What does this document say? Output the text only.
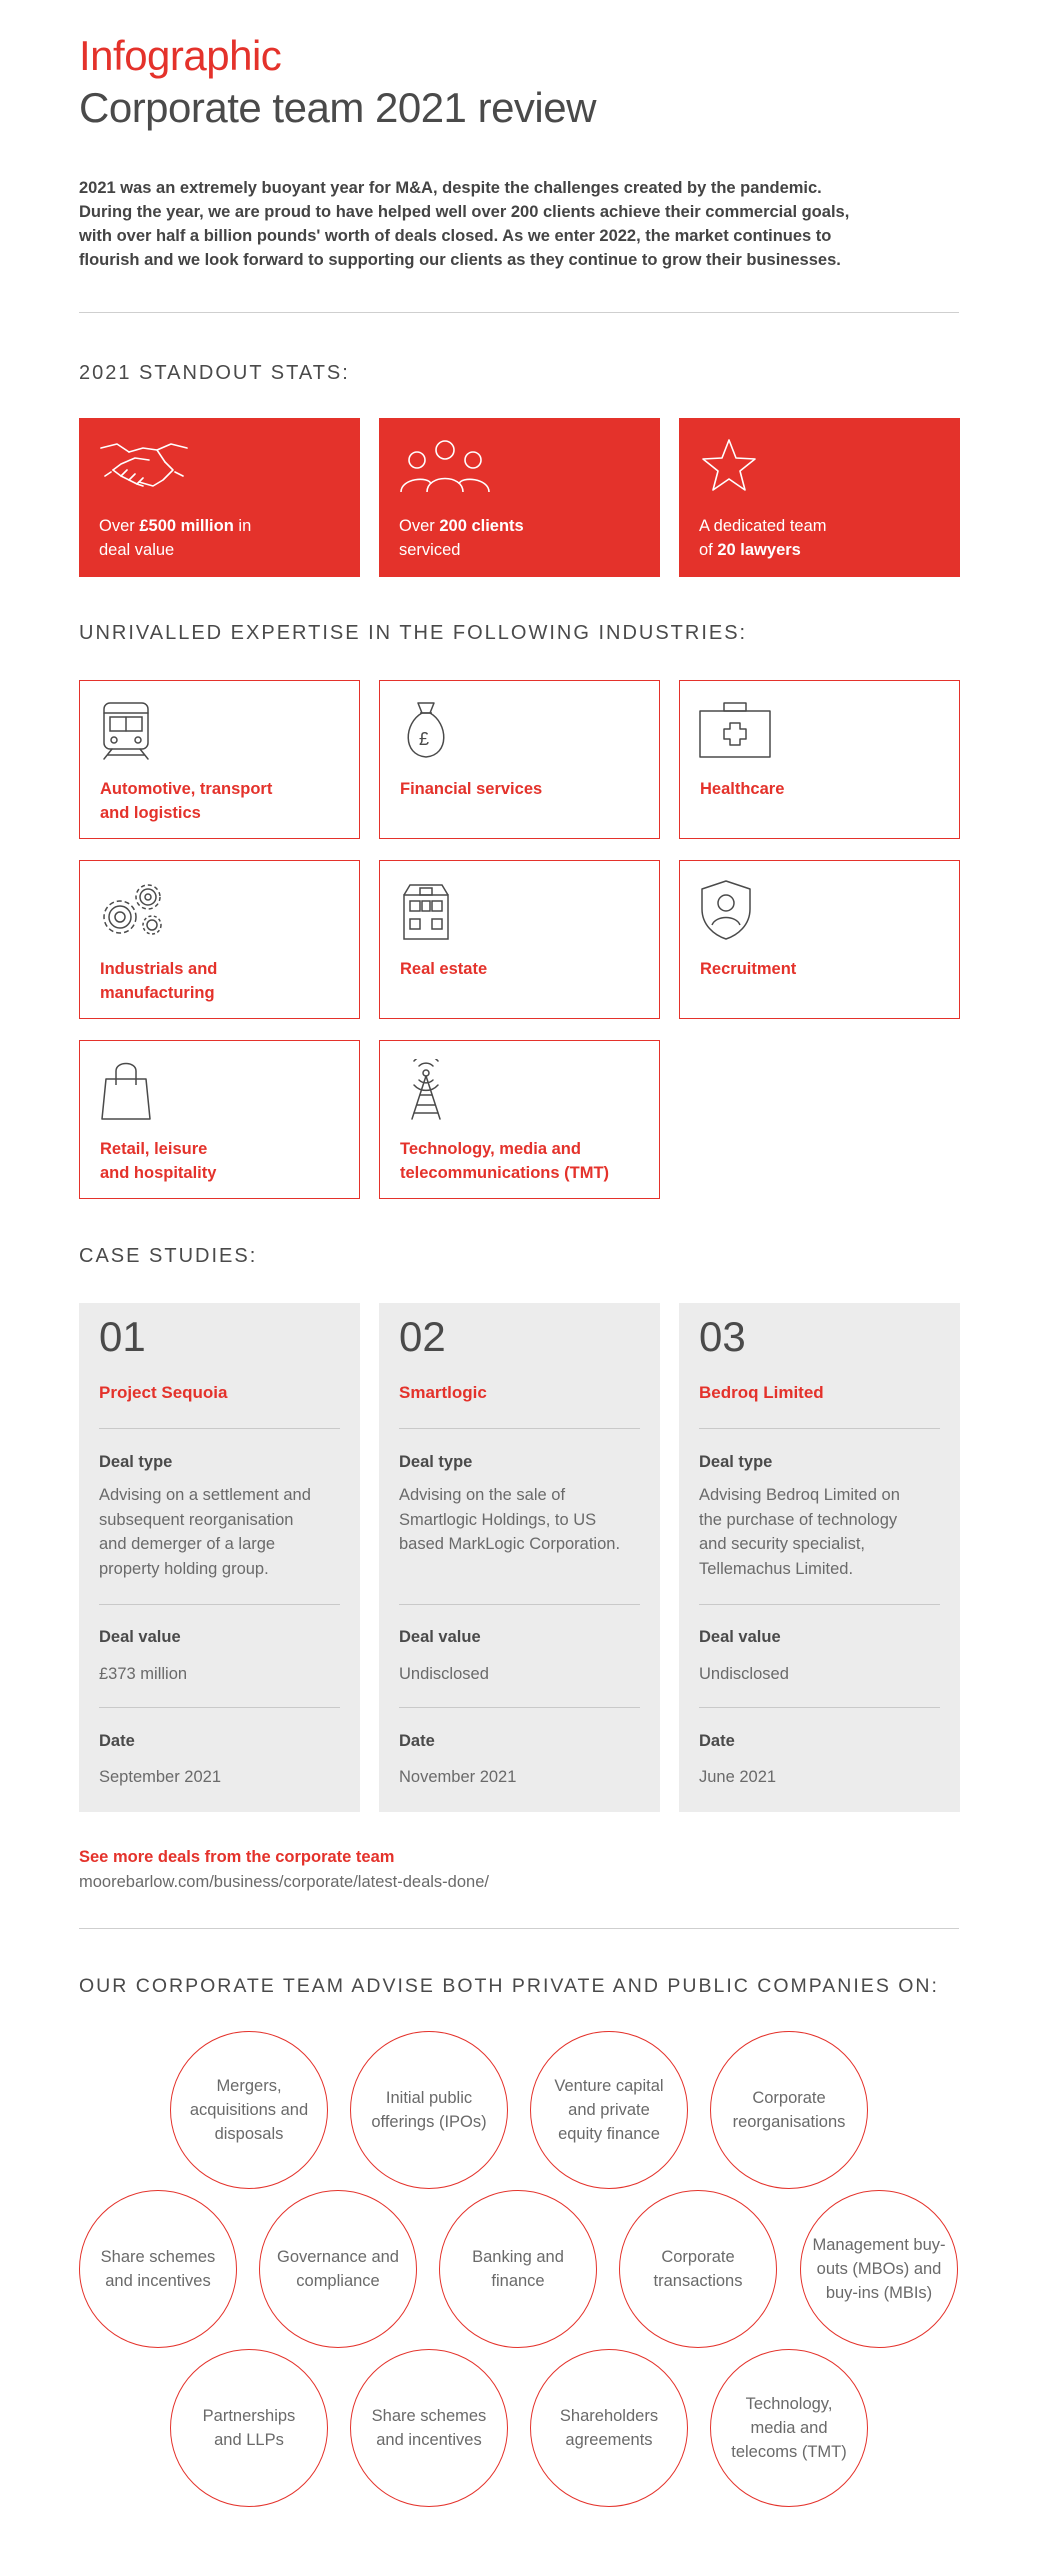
Infographic
Corporate team 2021 review

2021 was an extremely buoyant year for M&A, despite the challenges created by the pandemic.
During the year, we are proud to have helped well over 200 clients achieve their commercial goals,
with over half a billion pounds' worth of deals closed. As we enter 2022, the market continues to
flourish and we look forward to supporting our clients as they continue to grow their businesses.

2021 STANDOUT STATS:
Over £500 million in
deal value
Over 200 clients
serviced
A dedicated team
of 20 lawyers
UNRIVALLED EXPERTISE IN THE FOLLOWING INDUSTRIES:
Automotive, transport
and logistics
£
Financial services	Healthcare
Industrials and
manufacturing
Real estate	Recruitment
Retail, leisure
and hospitality
Technology, media and
telecommunications (TMT)
CASE STUDIES:
01
Project Sequoia
Deal type
Advising on a settlement and
subsequent reorganisation
and demerger of a large
property holding group.
Deal value
£373 million
Date
September 2021
02
Smartlogic
Deal type
Advising on the sale of
Smartlogic Holdings, to US
based MarkLogic Corporation.
Deal value
Undisclosed
Date
November 2021
03
Bedroq Limited
Deal type
Advising Bedroq Limited on
the purchase of technology
and security specialist,
Tellemachus Limited.
Deal value
Undisclosed
Date
June 2021
See more deals from the corporate team
moorebarlow.com/business/corporate/latest-deals-done/
OUR CORPORATE TEAM ADVISE BOTH PRIVATE AND PUBLIC COMPANIES ON:
Mergers,
acquisitions and
disposals
Initial public
offerings (IPOs)
Venture capital
and private
equity finance
Corporate
reorganisations
Share schemes
and incentives
Governance and
compliance
Banking and
finance
Corporate
transactions
Management buy-
outs (MBOs) and
buy-ins (MBIs)
Partnerships
and LLPs
Share schemes
and incentives
Shareholders
agreements
Technology,
media and
telecoms (TMT)
